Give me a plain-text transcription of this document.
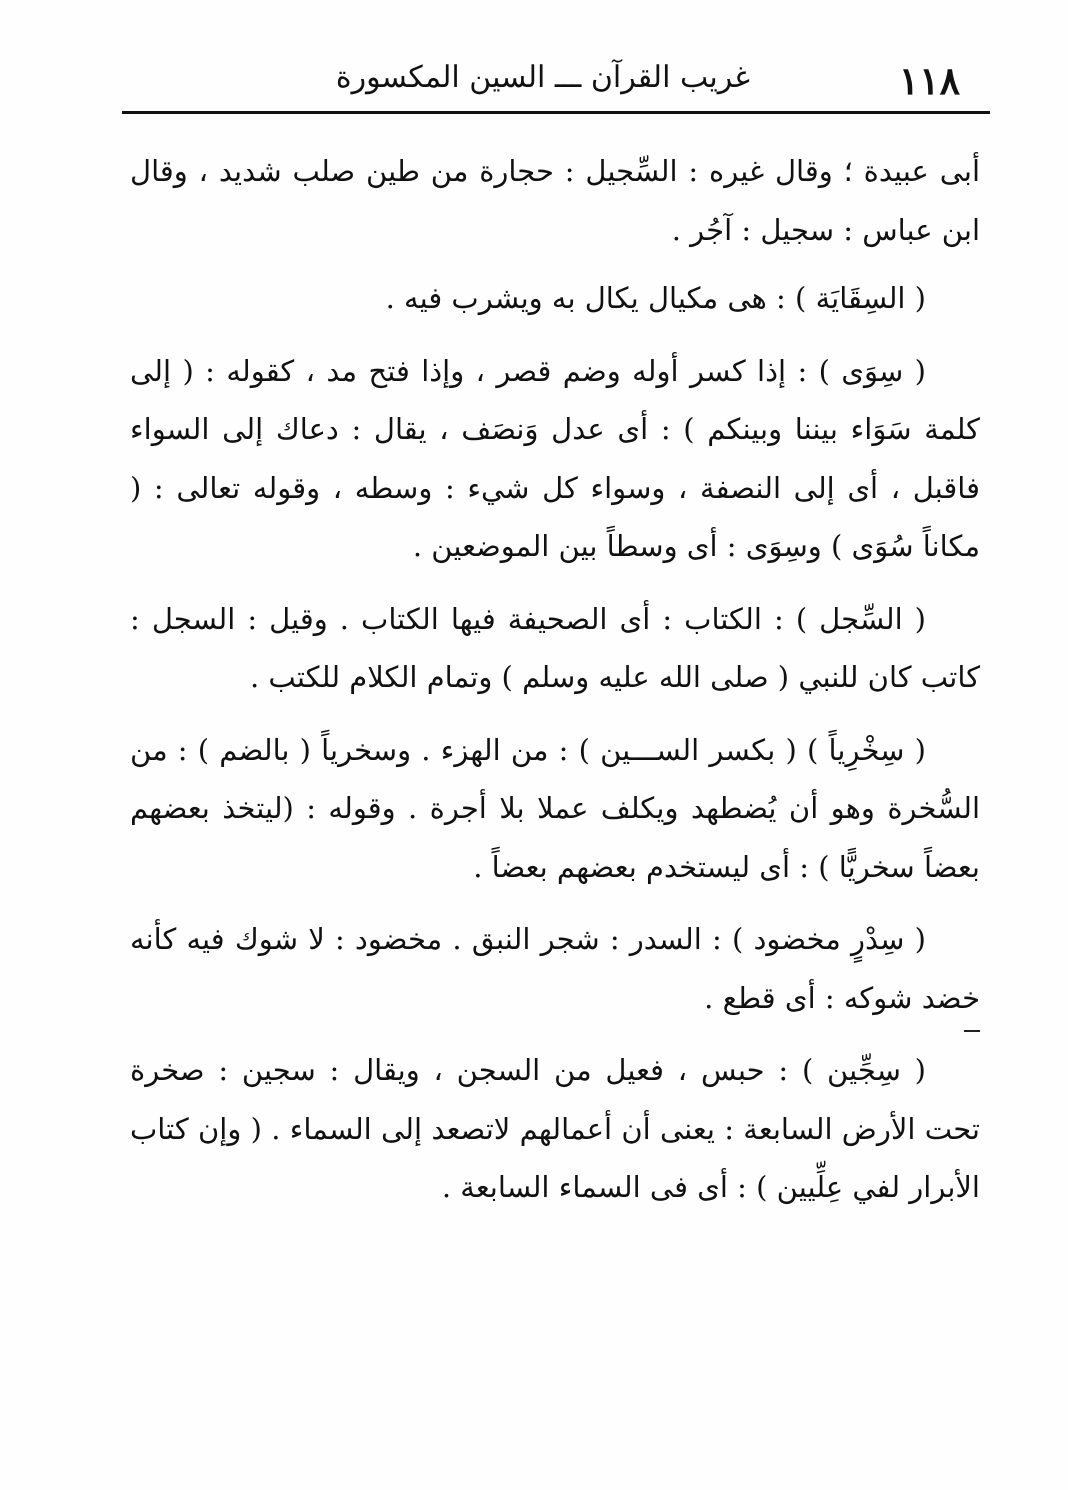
١١٨
غريب القرآن ـــ السين المكسورة

أبى عبيدة ؛ وقال غيره : السِّجيل : حجارة من طين صلب شديد ، وقال ابن عباس : سجيل : آجُر .

( السِقَايَة ) : هى مكيال يكال به ويشرب فيه .

( سِوَى ) : إذا كسر أوله وضم قصر ، وإذا فتح مد ، كقوله : ( إلى كلمة سَوَاء بيننا وبينكم ) : أى عدل وَنصَف ، يقال : دعاك إلى السواء فاقبل ، أى إلى النصفة ، وسواء كل شيء : وسطه ، وقوله تعالى : ( مكاناً سُوَى ) وسِوَى : أى وسطاً بين الموضعين .

( السِّجل ) : الكتاب : أى الصحيفة فيها الكتاب . وقيل : السجل : كاتب كان للنبي ( صلى الله عليه وسلم ) وتمام الكلام للكتب .

( سِخْرِياً ) ( بكسر الســـين ) : من الهزء . وسخرياً ( بالضم ) : من السُّخرة وهو أن يُضطهد ويكلف عملا بلا أجرة . وقوله : (ليتخذ بعضهم بعضاً سخريًّا ) : أى ليستخدم بعضهم بعضاً .

( سِدْرٍ مخضود ) : السدر : شجر النبق . مخضود : لا شوك فيه كأنه خضد شوكه : أى قطع .

( سِجِّين ) : حبس ، فعيل من السجن ، ويقال : سجين : صخرة تحت الأرض السابعة : يعنى أن أعمالهم لاتصعد إلى السماء . ( وإن كتاب الأبرار لفي عِلِّيين ) : أى فى السماء السابعة .
